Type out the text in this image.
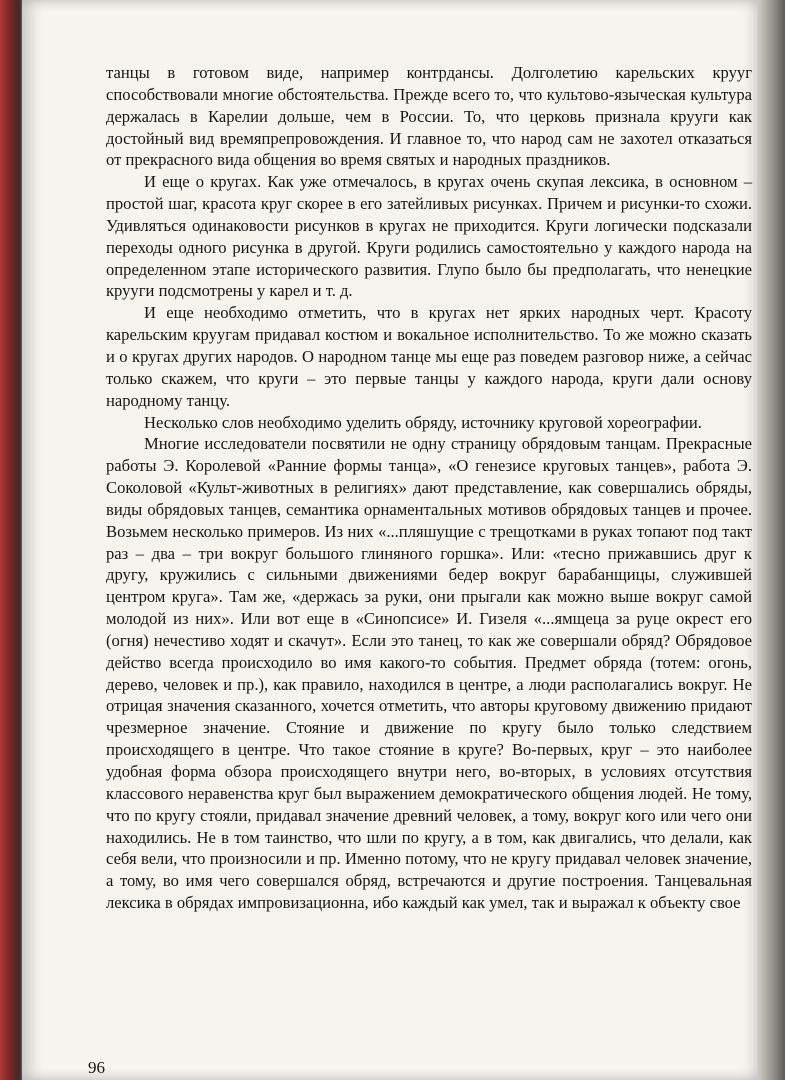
танцы в готовом виде, например контрдансы. Долголетию карельских крууг способствовали многие обстоятельства. Прежде всего то, что культово-языческая культура держалась в Карелии дольше, чем в России. То, что церковь признала крууги как достойный вид времяпрепровождения. И главное то, что народ сам не захотел отказаться от прекрасного вида общения во время святых и народных праздников.

И еще о кругах. Как уже отмечалось, в кругах очень скупая лексика, в основном – простой шаг, красота круг скорее в его затейливых рисунках. Причем и рисунки-то схожи. Удивляться одинаковости рисунков в кругах не приходится. Круги логически подсказали переходы одного рисунка в другой. Круги родились самостоятельно у каждого народа на определенном этапе исторического развития. Глупо было бы предполагать, что ненецкие крууги подсмотрены у карел и т. д.

И еще необходимо отметить, что в кругах нет ярких народных черт. Красоту карельским круугам придавал костюм и вокальное исполнительство. То же можно сказать и о кругах других народов. О народном танце мы еще раз поведем разговор ниже, а сейчас только скажем, что круги – это первые танцы у каждого народа, круги дали основу народному танцу.

Несколько слов необходимо уделить обряду, источнику круговой хореографии.

Многие исследователи посвятили не одну страницу обрядовым танцам. Прекрасные работы Э. Королевой «Ранние формы танца», «О генезисе круговых танцев», работа Э. Соколовой «Культ-животных в религиях» дают представление, как совершались обряды, виды обрядовых танцев, семантика орнаментальных мотивов обрядовых танцев и прочее. Возьмем несколько примеров. Из них «...пляшущие с трещотками в руках топают под такт раз – два – три вокруг большого глиняного горшка». Или: «тесно прижавшись друг к другу, кружились с сильными движениями бедер вокруг барабанщицы, служившей центром круга». Там же, «держась за руки, они прыгали как можно выше вокруг самой молодой из них». Или вот еще в «Синопсисе» И. Гизеля «...ямщеца за руце окрест его (огня) нечестиво ходят и скачут». Если это танец, то как же совершали обряд? Обрядовое действо всегда происходило во имя какого-то события. Предмет обряда (тотем: огонь, дерево, человек и пр.), как правило, находился в центре, а люди располагались вокруг. Не отрицая значения сказанного, хочется отметить, что авторы круговому движению придают чрезмерное значение. Стояние и движение по кругу было только следствием происходящего в центре. Что такое стояние в круге? Во-первых, круг – это наиболее удобная форма обзора происходящего внутри него, во-вторых, в условиях отсутствия классового неравенства круг был выражением демократического общения людей. Не тому, что по кругу стояли, придавал значение древний человек, а тому, вокруг кого или чего они находились. Не в том таинство, что шли по кругу, а в том, как двигались, что делали, как себя вели, что произносили и пр. Именно потому, что не кругу придавал человек значение, а тому, во имя чего совершался обряд, встречаются и другие построения. Танцевальная лексика в обрядах импровизационна, ибо каждый как умел, так и выражал к объекту свое

96
